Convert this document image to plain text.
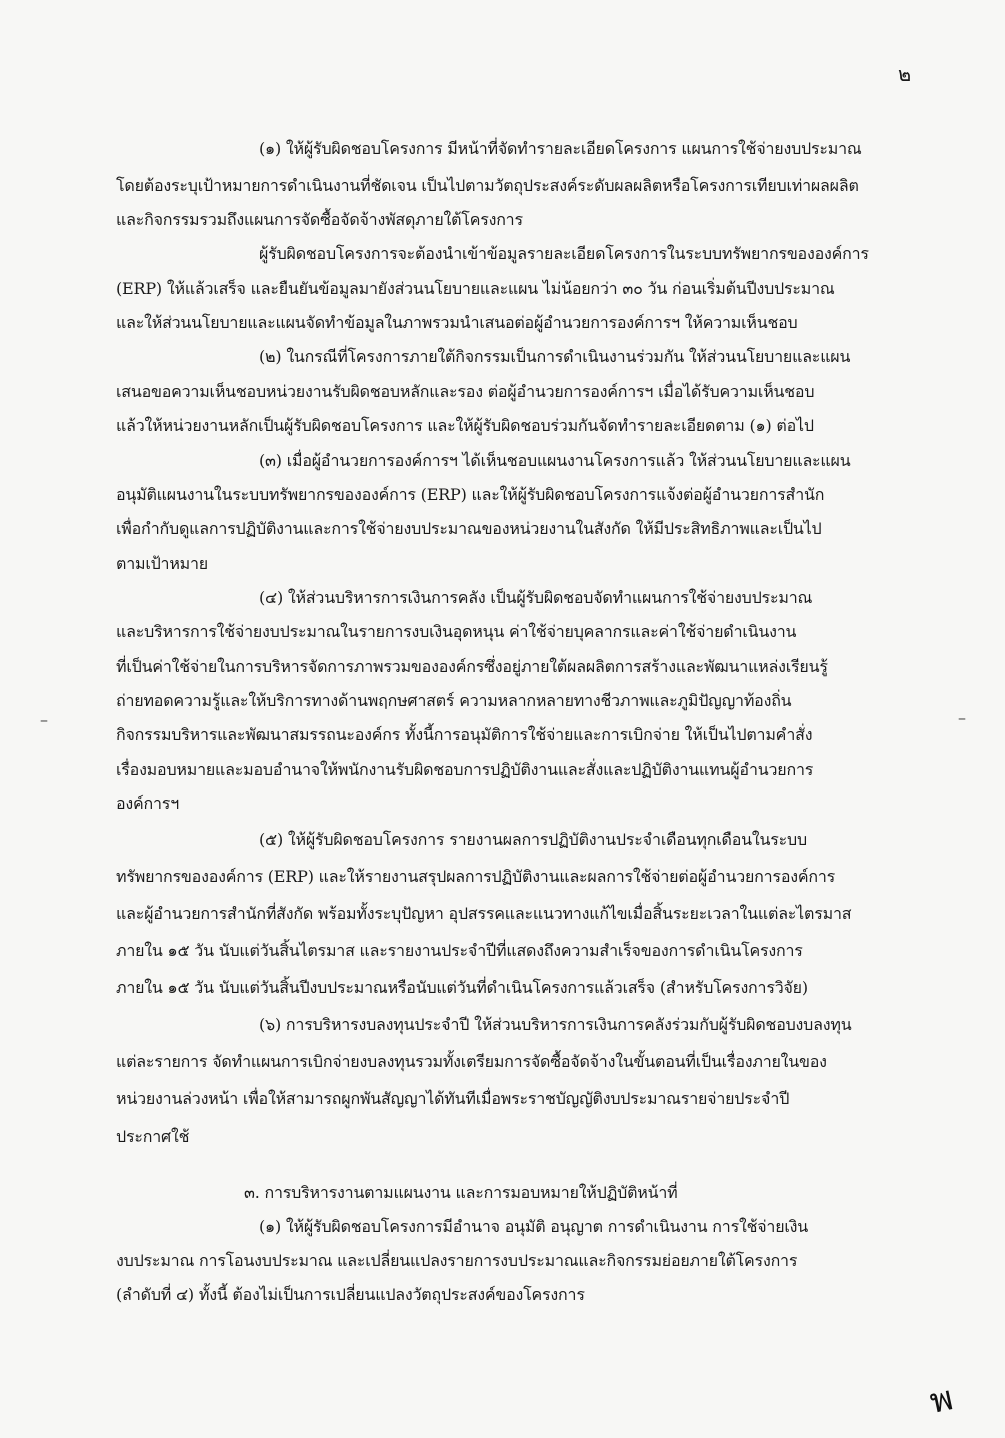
๒
–	–
(๑) ให้ผู้รับผิดชอบโครงการ มีหน้าที่จัดทำรายละเอียดโครงการ แผนการใช้จ่ายงบประมาณ
โดยต้องระบุเป้าหมายการดำเนินงานที่ชัดเจน เป็นไปตามวัตถุประสงค์ระดับผลผลิตหรือโครงการเทียบเท่าผลผลิต
และกิจกรรมรวมถึงแผนการจัดซื้อจัดจ้างพัสดุภายใต้โครงการ
ผู้รับผิดชอบโครงการจะต้องนำเข้าข้อมูลรายละเอียดโครงการในระบบทรัพยากรขององค์การ
(ERP) ให้แล้วเสร็จ และยืนยันข้อมูลมายังส่วนนโยบายและแผน ไม่น้อยกว่า ๓๐ วัน ก่อนเริ่มต้นปีงบประมาณ
และให้ส่วนนโยบายและแผนจัดทำข้อมูลในภาพรวมนำเสนอต่อผู้อำนวยการองค์การฯ ให้ความเห็นชอบ
(๒) ในกรณีที่โครงการภายใต้กิจกรรมเป็นการดำเนินงานร่วมกัน ให้ส่วนนโยบายและแผน
เสนอขอความเห็นชอบหน่วยงานรับผิดชอบหลักและรอง ต่อผู้อำนวยการองค์การฯ เมื่อได้รับความเห็นชอบ
แล้วให้หน่วยงานหลักเป็นผู้รับผิดชอบโครงการ และให้ผู้รับผิดชอบร่วมกันจัดทำรายละเอียดตาม (๑) ต่อไป
(๓) เมื่อผู้อำนวยการองค์การฯ ได้เห็นชอบแผนงานโครงการแล้ว ให้ส่วนนโยบายและแผน
อนุมัติแผนงานในระบบทรัพยากรขององค์การ (ERP) และให้ผู้รับผิดชอบโครงการแจ้งต่อผู้อำนวยการสำนัก
เพื่อกำกับดูแลการปฏิบัติงานและการใช้จ่ายงบประมาณของหน่วยงานในสังกัด ให้มีประสิทธิภาพและเป็นไป
ตามเป้าหมาย
(๔) ให้ส่วนบริหารการเงินการคลัง เป็นผู้รับผิดชอบจัดทำแผนการใช้จ่ายงบประมาณ
และบริหารการใช้จ่ายงบประมาณในรายการงบเงินอุดหนุน ค่าใช้จ่ายบุคลากรและค่าใช้จ่ายดำเนินงาน
ที่เป็นค่าใช้จ่ายในการบริหารจัดการภาพรวมขององค์กรซึ่งอยู่ภายใต้ผลผลิตการสร้างและพัฒนาแหล่งเรียนรู้
ถ่ายทอดความรู้และให้บริการทางด้านพฤกษศาสตร์ ความหลากหลายทางชีวภาพและภูมิปัญญาท้องถิ่น
กิจกรรมบริหารและพัฒนาสมรรถนะองค์กร ทั้งนี้การอนุมัติการใช้จ่ายและการเบิกจ่าย ให้เป็นไปตามคำสั่ง
เรื่องมอบหมายและมอบอำนาจให้พนักงานรับผิดชอบการปฏิบัติงานและสั่งและปฏิบัติงานแทนผู้อำนวยการ
องค์การฯ
(๕) ให้ผู้รับผิดชอบโครงการ รายงานผลการปฏิบัติงานประจำเดือนทุกเดือนในระบบ
ทรัพยากรขององค์การ (ERP) และให้รายงานสรุปผลการปฏิบัติงานและผลการใช้จ่ายต่อผู้อำนวยการองค์การ
และผู้อำนวยการสำนักที่สังกัด พร้อมทั้งระบุปัญหา อุปสรรคและแนวทางแก้ไขเมื่อสิ้นระยะเวลาในแต่ละไตรมาส
ภายใน ๑๕ วัน นับแต่วันสิ้นไตรมาส และรายงานประจำปีที่แสดงถึงความสำเร็จของการดำเนินโครงการ
ภายใน ๑๕ วัน นับแต่วันสิ้นปีงบประมาณหรือนับแต่วันที่ดำเนินโครงการแล้วเสร็จ (สำหรับโครงการวิจัย)
(๖) การบริหารงบลงทุนประจำปี ให้ส่วนบริหารการเงินการคลังร่วมกับผู้รับผิดชอบงบลงทุน
แต่ละรายการ จัดทำแผนการเบิกจ่ายงบลงทุนรวมทั้งเตรียมการจัดซื้อจัดจ้างในขั้นตอนที่เป็นเรื่องภายในของ
หน่วยงานล่วงหน้า เพื่อให้สามารถผูกพันสัญญาได้ทันทีเมื่อพระราชบัญญัติงบประมาณรายจ่ายประจำปี
ประกาศใช้
๓. การบริหารงานตามแผนงาน และการมอบหมายให้ปฏิบัติหน้าที่
(๑) ให้ผู้รับผิดชอบโครงการมีอำนาจ อนุมัติ อนุญาต การดำเนินงาน การใช้จ่ายเงิน
งบประมาณ การโอนงบประมาณ และเปลี่ยนแปลงรายการงบประมาณและกิจกรรมย่อยภายใต้โครงการ
(ลำดับที่ ๔) ทั้งนี้ ต้องไม่เป็นการเปลี่ยนแปลงวัตถุประสงค์ของโครงการ
พ
